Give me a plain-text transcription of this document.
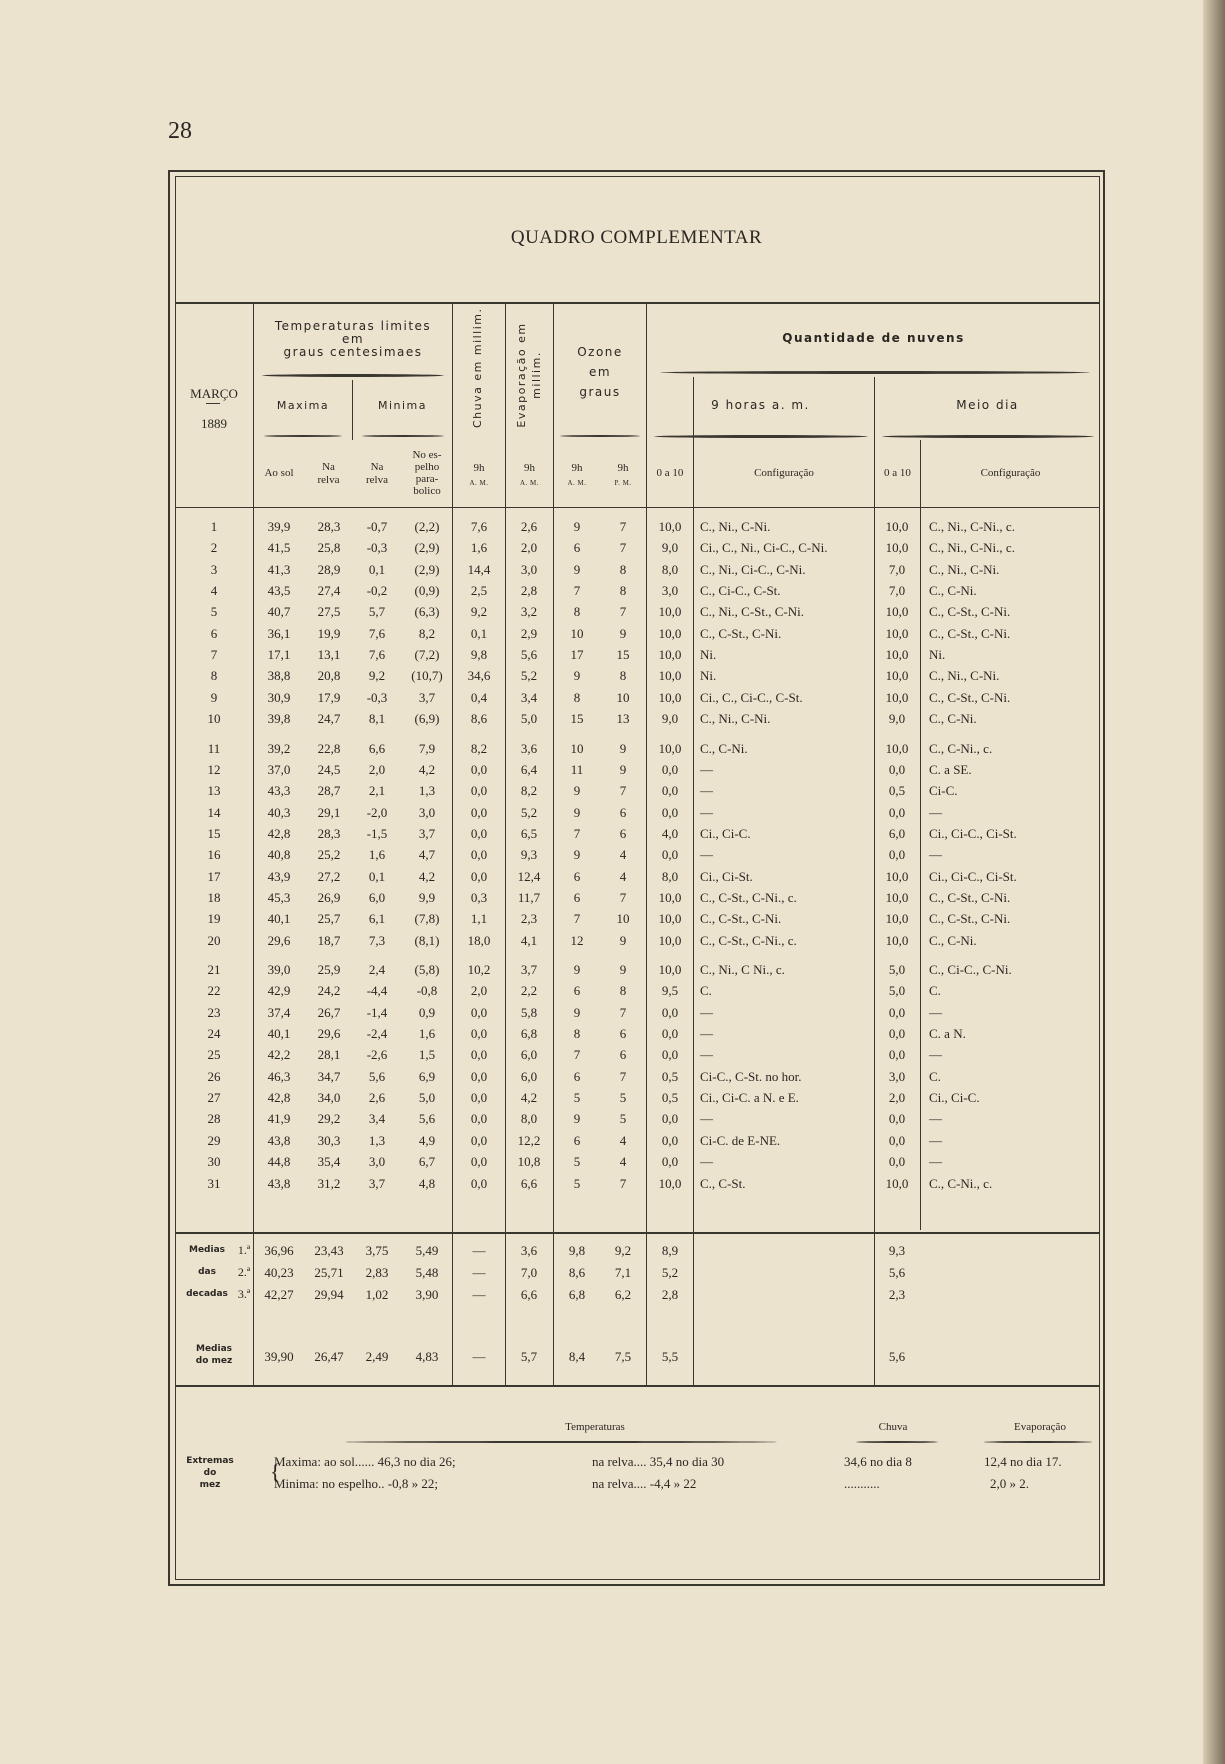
28
QUADRO COMPLEMENTAR
MARÇO
1889
Temperaturas limites
em
graus centesimaes
Maxima	Minima
Ao sol	Na
relva
Na
relva
No es-
pelho
para-
bolico
Chuva em millim.	Evaporação em millim.	Ozone
em
graus
Quantidade de nuvens
9 horas a. m.	Meio dia
9h
A. M.
9h
A. M.
9h
A. M.
9h
P. M.
0 a 10	Configuração	0 a 10	Configuração
1	39,9	28,3	-0,7	(2,2)	7,6	2,6	9	7	10,0	C., Ni., C-Ni.	10,0	C., Ni., C-Ni., c.
2	41,5	25,8	-0,3	(2,9)	1,6	2,0	6	7	9,0	Ci., C., Ni., Ci-C., C-Ni.	10,0	C., Ni., C-Ni., c.
3	41,3	28,9	0,1	(2,9)	14,4	3,0	9	8	8,0	C., Ni., Ci-C., C-Ni.	7,0	C., Ni., C-Ni.
4	43,5	27,4	-0,2	(0,9)	2,5	2,8	7	8	3,0	C., Ci-C., C-St.	7,0	C., C-Ni.
5	40,7	27,5	5,7	(6,3)	9,2	3,2	8	7	10,0	C., Ni., C-St., C-Ni.	10,0	C., C-St., C-Ni.
6	36,1	19,9	7,6	8,2	0,1	2,9	10	9	10,0	C., C-St., C-Ni.	10,0	C., C-St., C-Ni.
7	17,1	13,1	7,6	(7,2)	9,8	5,6	17	15	10,0	Ni.	10,0	Ni.
8	38,8	20,8	9,2	(10,7)	34,6	5,2	9	8	10,0	Ni.	10,0	C., Ni., C-Ni.
9	30,9	17,9	-0,3	3,7	0,4	3,4	8	10	10,0	Ci., C., Ci-C., C-St.	10,0	C., C-St., C-Ni.
10	39,8	24,7	8,1	(6,9)	8,6	5,0	15	13	9,0	C., Ni., C-Ni.	9,0	C., C-Ni.
11	39,2	22,8	6,6	7,9	8,2	3,6	10	9	10,0	C., C-Ni.	10,0	C., C-Ni., c.
12	37,0	24,5	2,0	4,2	0,0	6,4	11	9	0,0	—	0,0	C. a SE.
13	43,3	28,7	2,1	1,3	0,0	8,2	9	7	0,0	—	0,5	Ci-C.
14	40,3	29,1	-2,0	3,0	0,0	5,2	9	6	0,0	—	0,0	—
15	42,8	28,3	-1,5	3,7	0,0	6,5	7	6	4,0	Ci., Ci-C.	6,0	Ci., Ci-C., Ci-St.
16	40,8	25,2	1,6	4,7	0,0	9,3	9	4	0,0	—	0,0	—
17	43,9	27,2	0,1	4,2	0,0	12,4	6	4	8,0	Ci., Ci-St.	10,0	Ci., Ci-C., Ci-St.
18	45,3	26,9	6,0	9,9	0,3	11,7	6	7	10,0	C., C-St., C-Ni., c.	10,0	C., C-St., C-Ni.
19	40,1	25,7	6,1	(7,8)	1,1	2,3	7	10	10,0	C., C-St., C-Ni.	10,0	C., C-St., C-Ni.
20	29,6	18,7	7,3	(8,1)	18,0	4,1	12	9	10,0	C., C-St., C-Ni., c.	10,0	C., C-Ni.
21	39,0	25,9	2,4	(5,8)	10,2	3,7	9	9	10,0	C., Ni., C Ni., c.	5,0	C., Ci-C., C-Ni.
22	42,9	24,2	-4,4	-0,8	2,0	2,2	6	8	9,5	C.	5,0	C.
23	37,4	26,7	-1,4	0,9	0,0	5,8	9	7	0,0	—	0,0	—
24	40,1	29,6	-2,4	1,6	0,0	6,8	8	6	0,0	—	0,0	C. a N.
25	42,2	28,1	-2,6	1,5	0,0	6,0	7	6	0,0	—	0,0	—
26	46,3	34,7	5,6	6,9	0,0	6,0	6	7	0,5	Ci-C., C-St. no hor.	3,0	C.
27	42,8	34,0	2,6	5,0	0,0	4,2	5	5	0,5	Ci., Ci-C. a N. e E.	2,0	Ci., Ci-C.
28	41,9	29,2	3,4	5,6	0,0	8,0	9	5	0,0	—	0,0	—
29	43,8	30,3	1,3	4,9	0,0	12,2	6	4	0,0	Ci-C. de E-NE.	0,0	—
30	44,8	35,4	3,0	6,7	0,0	10,8	5	4	0,0	—	0,0	—
31	43,8	31,2	3,7	4,8	0,0	6,6	5	7	10,0	C., C-St.	10,0	C., C-Ni., c.
Medias
das
decadas
1.ª
2.ª
3.ª
Medias
do mez
36,96	23,43	3,75	5,49	—	3,6	9,8	9,2	8,9	9,3
40,23	25,71	2,83	5,48	—	7,0	8,6	7,1	5,2	5,6
42,27	29,94	1,02	3,90	—	6,6	6,8	6,2	2,8	2,3
39,90	26,47	2,49	4,83	—	5,7	8,4	7,5	5,5	5,6
Temperaturas	Chuva	Evaporação
Extremas
do
mez
{
Maxima: ao sol...... 46,3 no dia 26;
Minima: no espelho.. -0,8 » 22;
na relva.... 35,4 no dia 30
na relva.... -4,4 » 22
34,6 no dia 8
...........
12,4 no dia 17.
2,0 » 2.
